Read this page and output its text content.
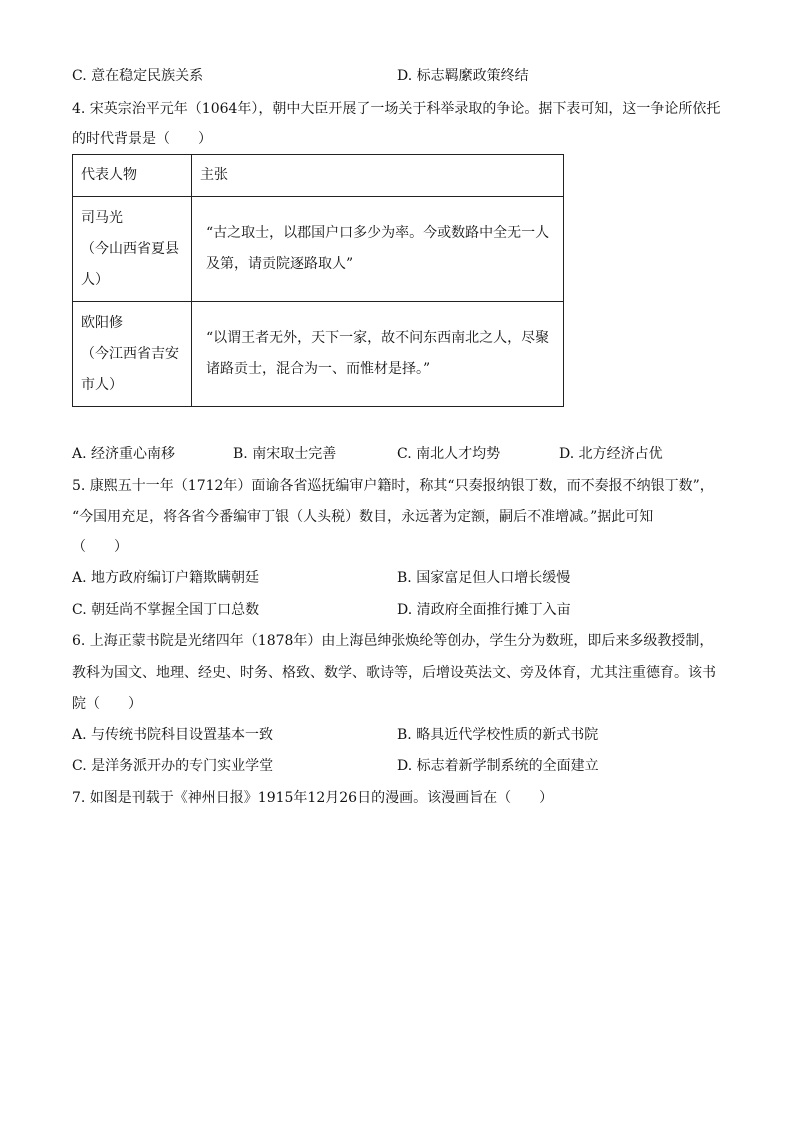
C. 意在稳定民族关系	D. 标志羁縻政策终结
4. 宋英宗治平元年（1064年），朝中大臣开展了一场关于科举录取的争论。据下表可知，这一争论所依托
的时代背景是（　　）
代表人物	主张

司马光
（今山西省夏县
人）	“古之取士，以郡国户口多少为率。今或数路中全无一人及第，请贡院逐路取人”

欧阳修
（今江西省吉安
市人）	“以谓王者无外，天下一家，故不问东西南北之人，尽聚诸路贡士，混合为一、而惟材是择。”
A. 经济重心南移	B. 南宋取士完善	C. 南北人才均势	D. 北方经济占优
5. 康熙五十一年（1712年）面谕各省巡抚编审户籍时，称其“只奏报纳银丁数，而不奏报不纳银丁数”，
“今国用充足，将各省今番编审丁银（人头税）数目，永远著为定额，嗣后不准增减。”据此可知
（　　）
A. 地方政府编订户籍欺瞒朝廷	B. 国家富足但人口增长缓慢
C. 朝廷尚不掌握全国丁口总数	D. 清政府全面推行摊丁入亩
6. 上海正蒙书院是光绪四年（1878年）由上海邑绅张焕纶等创办，学生分为数班，即后来多级教授制，
教科为国文、地理、经史、时务、格致、数学、歌诗等，后增设英法文、旁及体育，尤其注重德育。该书
院（　　）
A. 与传统书院科目设置基本一致	B. 略具近代学校性质的新式书院
C. 是洋务派开办的专门实业学堂	D. 标志着新学制系统的全面建立
7. 如图是刊载于《神州日报》1915年12月26日的漫画。该漫画旨在（　　）
